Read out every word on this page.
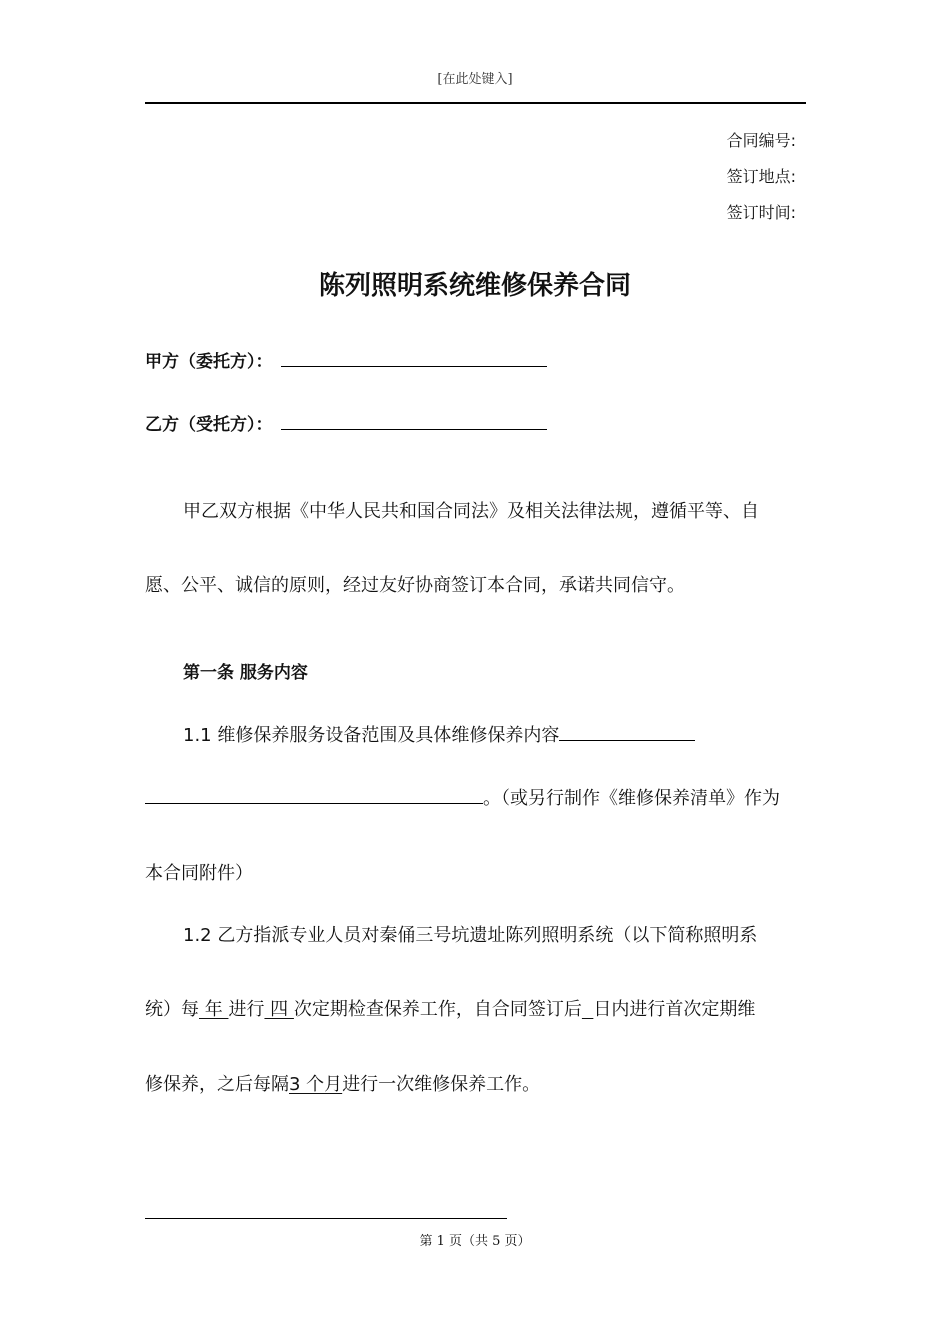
[在此处键入]
合同编号:
签订地点:
签订时间:
陈列照明系统维修保养合同
甲方（委托方）：
乙方（受托方）：
甲乙双方根据《中华人民共和国合同法》及相关法律法规，遵循平等、自
愿、公平、诚信的原则，经过友好协商签订本合同，承诺共同信守。
第一条 服务内容
1.1 维修保养服务设备范围及具体维修保养内容
。（或另行制作《维修保养清单》作为
本合同附件）
1.2 乙方指派专业人员对秦俑三号坑遗址陈列照明系统（以下简称照明系
统）每 年 进行 四 次定期检查保养工作，自合同签订后 日内进行首次定期维
修保养，之后每隔3 个月进行一次维修保养工作。
第 1 页（共 5 页）
